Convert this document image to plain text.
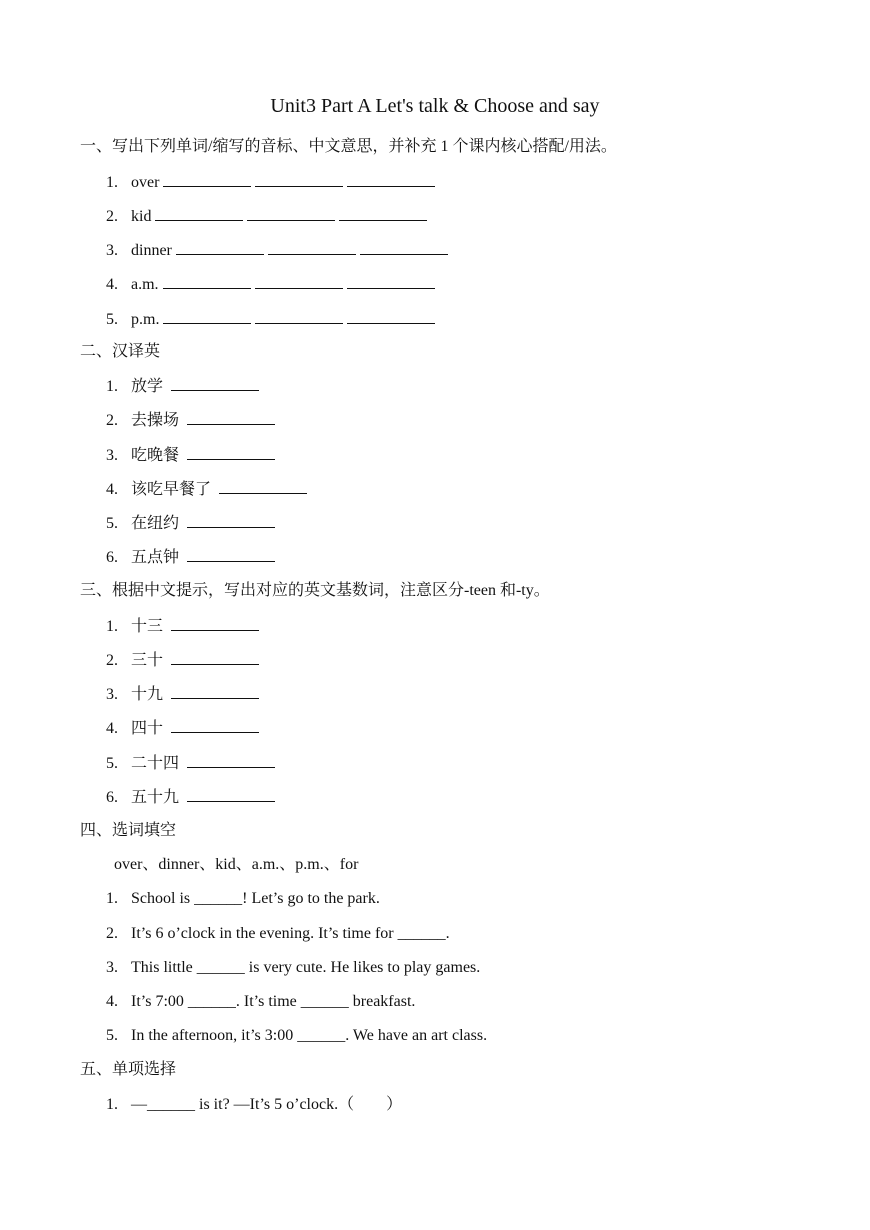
Unit3 Part A Let's talk & Choose and say
一、写出下列单词/缩写的音标、中文意思，并补充 1 个课内核心搭配/用法。
1. over
2. kid
3. dinner
4. a.m.
5. p.m.
二、汉译英
1. 放学
2. 去操场
3. 吃晚餐
4. 该吃早餐了
5. 在纽约
6. 五点钟
三、根据中文提示，写出对应的英文基数词，注意区分-teen 和-ty。
1. 十三
2. 三十
3. 十九
4. 四十
5. 二十四
6. 五十九
四、选词填空
over、dinner、kid、a.m.、p.m.、for
1. School is ______! Let’s go to the park.
2. It’s 6 o’clock in the evening. It’s time for ______.
3. This little ______ is very cute. He likes to play games.
4. It’s 7:00 ______. It’s time ______ breakfast.
5. In the afternoon, it’s 3:00 ______. We have an art class.
五、单项选择
1. —______ is it? —It’s 5 o’clock.（　　）
